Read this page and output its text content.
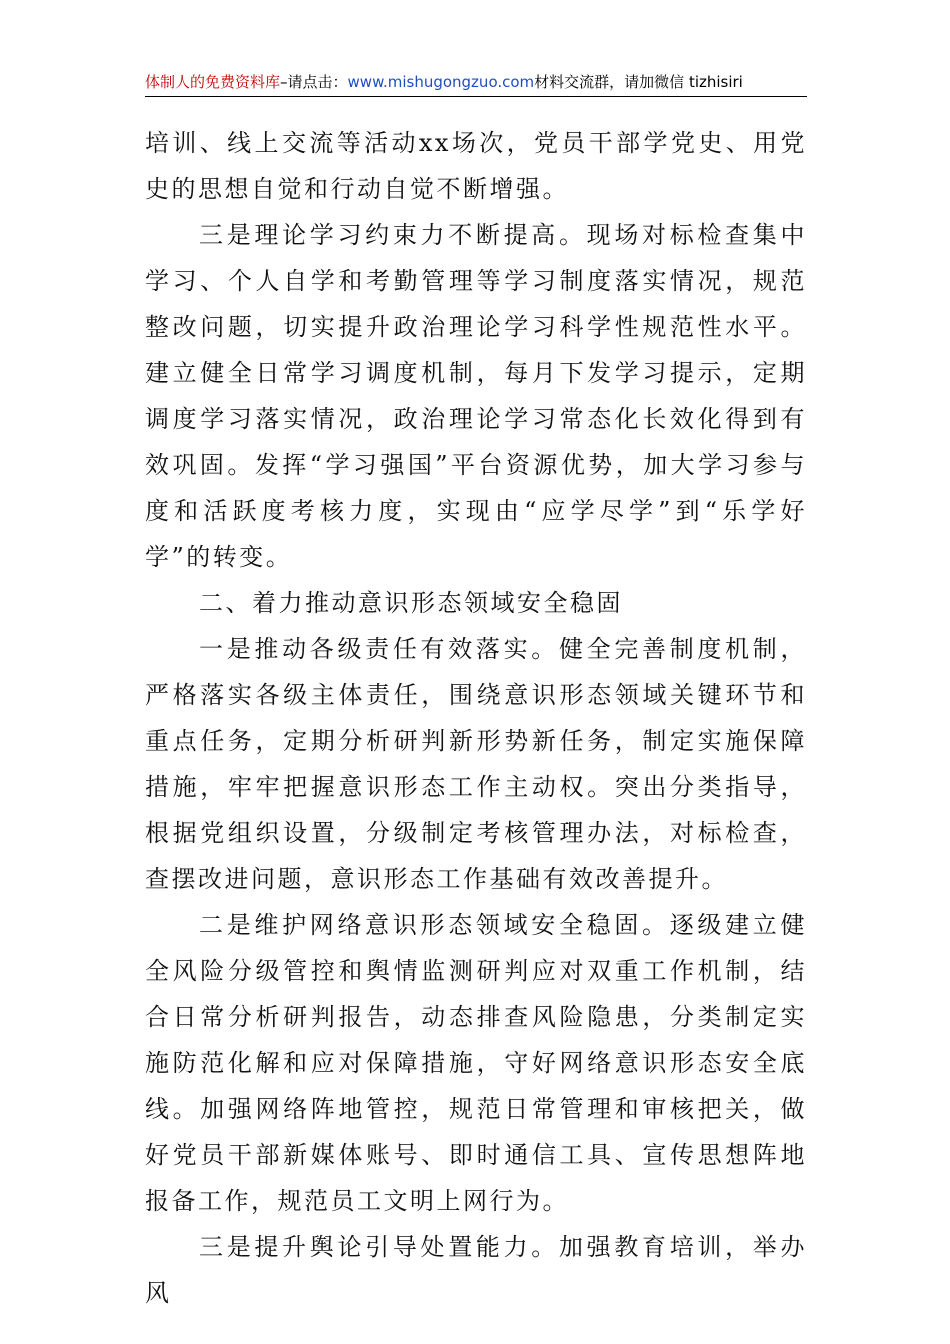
体制人的免费资料库–请点击：www.mishugongzuo.com材料交流群，请加微信 tizhisiri

培训、线上交流等活动xx场次，党员干部学党史、用党史的思想自觉和行动自觉不断增强。

三是理论学习约束力不断提高。现场对标检查集中学习、个人自学和考勤管理等学习制度落实情况，规范整改问题，切实提升政治理论学习科学性规范性水平。建立健全日常学习调度机制，每月下发学习提示，定期调度学习落实情况，政治理论学习常态化长效化得到有效巩固。发挥“学习强国”平台资源优势，加大学习参与度和活跃度考核力度，实现由“应学尽学”到“乐学好学”的转变。

二、着力推动意识形态领域安全稳固

一是推动各级责任有效落实。健全完善制度机制，严格落实各级主体责任，围绕意识形态领域关键环节和重点任务，定期分析研判新形势新任务，制定实施保障措施，牢牢把握意识形态工作主动权。突出分类指导，根据党组织设置，分级制定考核管理办法，对标检查，查摆改进问题，意识形态工作基础有效改善提升。

二是维护网络意识形态领域安全稳固。逐级建立健全风险分级管控和舆情监测研判应对双重工作机制，结合日常分析研判报告，动态排查风险隐患，分类制定实施防范化解和应对保障措施，守好网络意识形态安全底线。加强网络阵地管控，规范日常管理和审核把关，做好党员干部新媒体账号、即时通信工具、宣传思想阵地报备工作，规范员工文明上网行为。

三是提升舆论引导处置能力。加强教育培训，举办风
